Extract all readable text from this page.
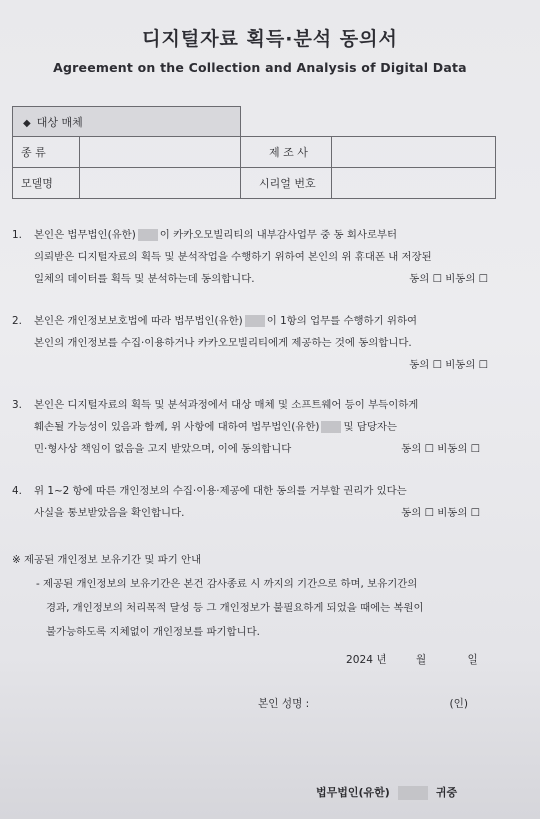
디지털자료 획득·분석 동의서
Agreement on the Collection and Analysis of Digital Data
◆ 대상 매체			
종 류		제 조 사	
모델명		시리얼 번호	
1.	본인은 법무법인(유한) 이 카카오모빌리티의 내부감사업무 중 동 회사로부터
의뢰받은 디지털자료의 획득 및 분석작업을 수행하기 위하여 본인의 위 휴대폰 내 저장된
일체의 데이터를 획득 및 분석하는데 동의합니다.	동의 ☐ 비동의 ☐
2.	본인은 개인정보보호법에 따라 법무법인(유한) 이 1항의 업무를 수행하기 위하여
본인의 개인정보를 수집·이용하거나 카카오모빌리티에게 제공하는 것에 동의합니다.
동의 ☐ 비동의 ☐
3.	본인은 디지털자료의 획득 및 분석과정에서 대상 매체 및 소프트웨어 등이 부득이하게
훼손될 가능성이 있음과 함께, 위 사항에 대하여 법무법인(유한) 및 담당자는
민·형사상 책임이 없음을 고지 받았으며, 이에 동의합니다	동의 ☐ 비동의 ☐
4.	위 1~2 항에 따른 개인정보의 수집·이용·제공에 대한 동의를 거부할 권리가 있다는
사실을 통보받았음을 확인합니다.	동의 ☐ 비동의 ☐
※ 제공된 개인정보 보유기간 및 파기 안내
- 제공된 개인정보의 보유기간은 본건 감사종료 시 까지의 기간으로 하며, 보유기간의
경과, 개인정보의 처리목적 달성 등 그 개인정보가 불필요하게 되었을 때에는 복원이
불가능하도록 지체없이 개인정보를 파기합니다.
2024 년	월	일
본인 성명 :	(인)
법무법인(유한)	귀중
